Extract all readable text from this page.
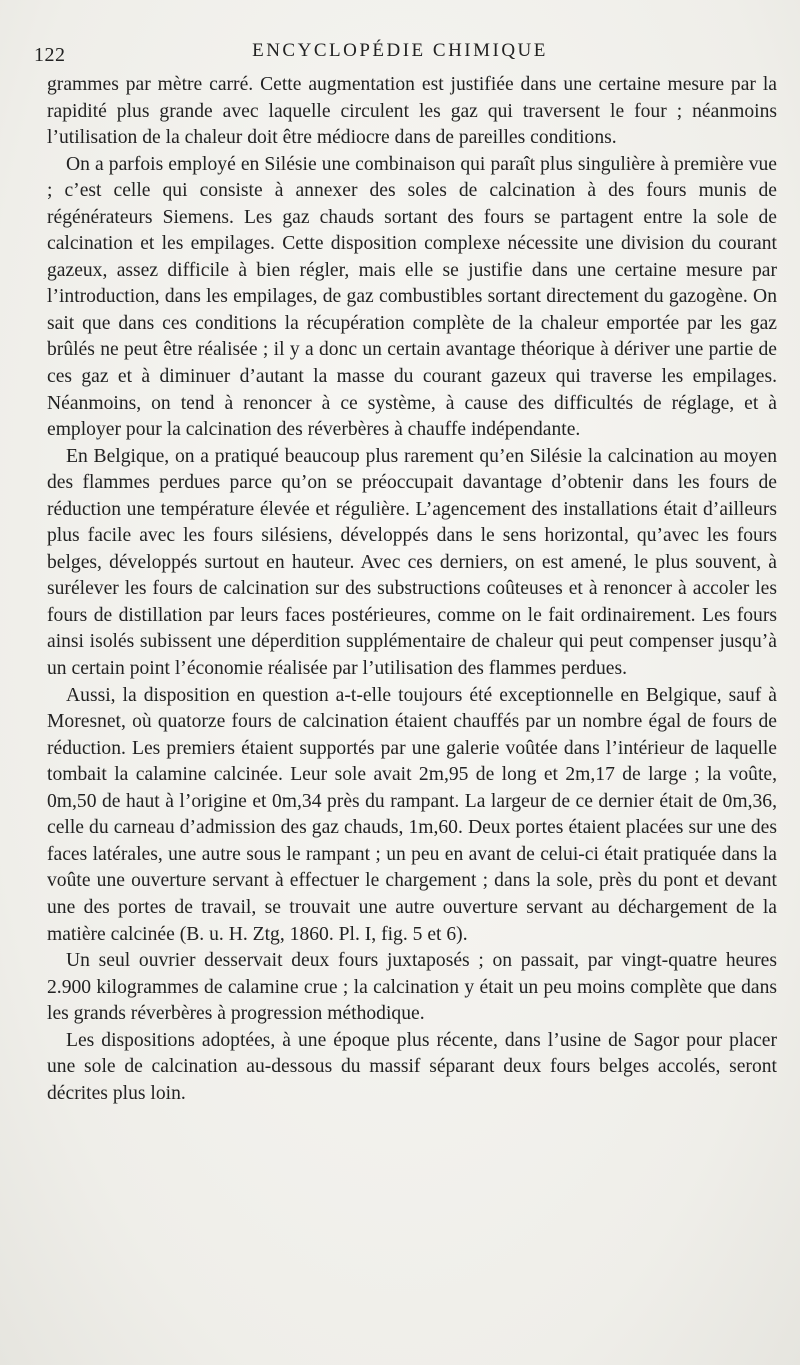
122	ENCYCLOPÉDIE CHIMIQUE

grammes par mètre carré. Cette augmentation est justifiée dans une certaine mesure par la rapidité plus grande avec laquelle circulent les gaz qui traversent le four ; néanmoins l’utilisation de la chaleur doit être médiocre dans de pareilles conditions.

On a parfois employé en Silésie une combinaison qui paraît plus singulière à première vue ; c’est celle qui consiste à annexer des soles de calcination à des fours munis de régénérateurs Siemens. Les gaz chauds sortant des fours se partagent entre la sole de calcination et les empilages. Cette disposition complexe nécessite une division du courant gazeux, assez difficile à bien régler, mais elle se justifie dans une certaine mesure par l’introduction, dans les empilages, de gaz combustibles sortant directement du gazogène. On sait que dans ces conditions la récupération complète de la chaleur emportée par les gaz brûlés ne peut être réalisée ; il y a donc un certain avantage théorique à dériver une partie de ces gaz et à diminuer d’autant la masse du courant gazeux qui traverse les empilages. Néanmoins, on tend à renoncer à ce système, à cause des difficultés de réglage, et à employer pour la calcination des réverbères à chauffe indépendante.

En Belgique, on a pratiqué beaucoup plus rarement qu’en Silésie la calcination au moyen des flammes perdues parce qu’on se préoccupait davantage d’obtenir dans les fours de réduction une température élevée et régulière. L’agencement des installations était d’ailleurs plus facile avec les fours silésiens, développés dans le sens horizontal, qu’avec les fours belges, développés surtout en hauteur. Avec ces derniers, on est amené, le plus souvent, à surélever les fours de calcination sur des substructions coûteuses et à renoncer à accoler les fours de distillation par leurs faces postérieures, comme on le fait ordinairement. Les fours ainsi isolés subissent une déperdition supplémentaire de chaleur qui peut compenser jusqu’à un certain point l’économie réalisée par l’utilisation des flammes perdues.

Aussi, la disposition en question a-t-elle toujours été exceptionnelle en Belgique, sauf à Moresnet, où quatorze fours de calcination étaient chauffés par un nombre égal de fours de réduction. Les premiers étaient supportés par une galerie voûtée dans l’intérieur de laquelle tombait la calamine calcinée. Leur sole avait 2m,95 de long et 2m,17 de large ; la voûte, 0m,50 de haut à l’origine et 0m,34 près du rampant. La largeur de ce dernier était de 0m,36, celle du carneau d’admission des gaz chauds, 1m,60. Deux portes étaient placées sur une des faces latérales, une autre sous le rampant ; un peu en avant de celui-ci était pratiquée dans la voûte une ouverture servant à effectuer le chargement ; dans la sole, près du pont et devant une des portes de travail, se trouvait une autre ouverture servant au déchargement de la matière calcinée (B. u. H. Ztg, 1860. Pl. I, fig. 5 et 6).

Un seul ouvrier desservait deux fours juxtaposés ; on passait, par vingt-quatre heures 2.900 kilogrammes de calamine crue ; la calcination y était un peu moins complète que dans les grands réverbères à progression méthodique.

Les dispositions adoptées, à une époque plus récente, dans l’usine de Sagor pour placer une sole de calcination au-dessous du massif séparant deux fours belges accolés, seront décrites plus loin.
